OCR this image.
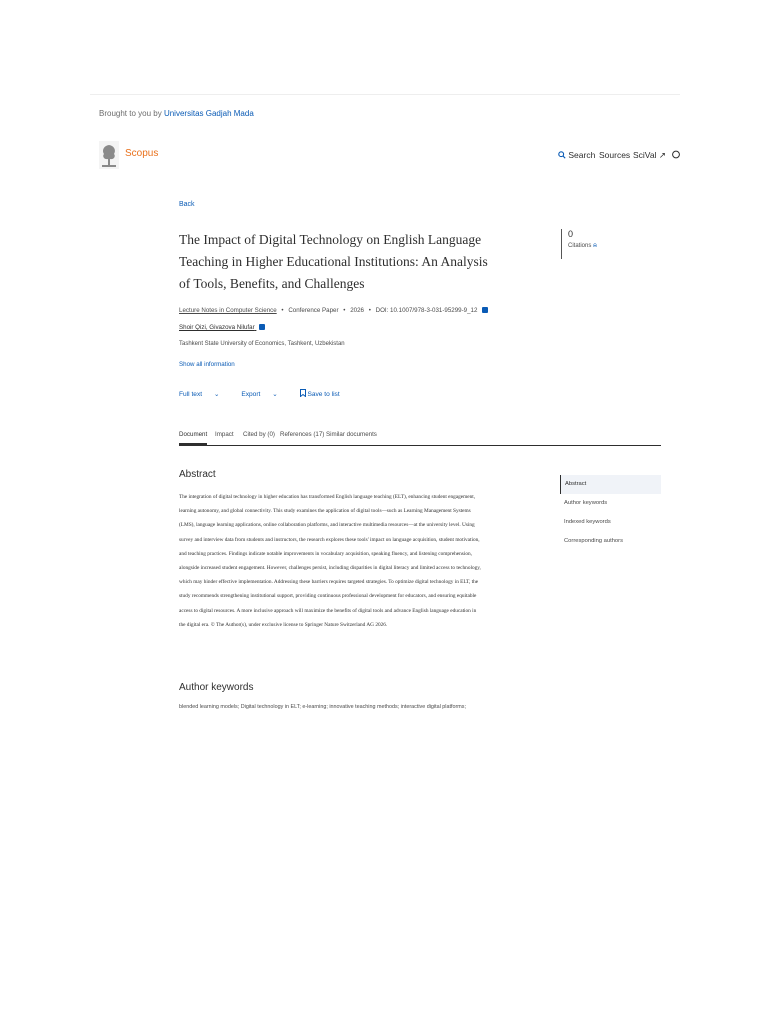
Brought to you by Universitas Gadjah Mada
Scopus	Search Sources SciVal ↗
Back
The Impact of Digital Technology on English Language Teaching in Higher Educational Institutions: An Analysis of Tools, Benefits, and Challenges
Lecture Notes in Computer Science • Conference Paper • 2026 • DOI: 10.1007/978-3-031-95299-9_12
Shoir Qizi, Givazova Nilufar
Tashkent State University of Economics, Tashkent, Uzbekistan
Show all information
Full text ⌄	Export ⌄	Save to list
0
Citations ⍾
Document Impact Cited by (0) References (17) Similar documents
Abstract
The integration of digital technology in higher education has transformed English language teaching (ELT), enhancing student engagement, learning autonomy, and global connectivity. This study examines the application of digital tools—such as Learning Management Systems (LMS), language learning applications, online collaboration platforms, and interactive multimedia resources—at the university level. Using survey and interview data from students and instructors, the research explores these tools' impact on language acquisition, student motivation, and teaching practices. Findings indicate notable improvements in vocabulary acquisition, speaking fluency, and listening comprehension, alongside increased student engagement. However, challenges persist, including disparities in digital literacy and limited access to technology, which may hinder effective implementation. Addressing these barriers requires targeted strategies. To optimize digital technology in ELT, the study recommends strengthening institutional support, providing continuous professional development for educators, and ensuring equitable access to digital resources. A more inclusive approach will maximize the benefits of digital tools and advance English language education in the digital era. © The Author(s), under exclusive license to Springer Nature Switzerland AG 2026.
Author keywords
blended learning models; Digital technology in ELT; e-learning; innovative teaching methods; interactive digital platforms;
Abstract
Author keywords
Indexed keywords
Corresponding authors
